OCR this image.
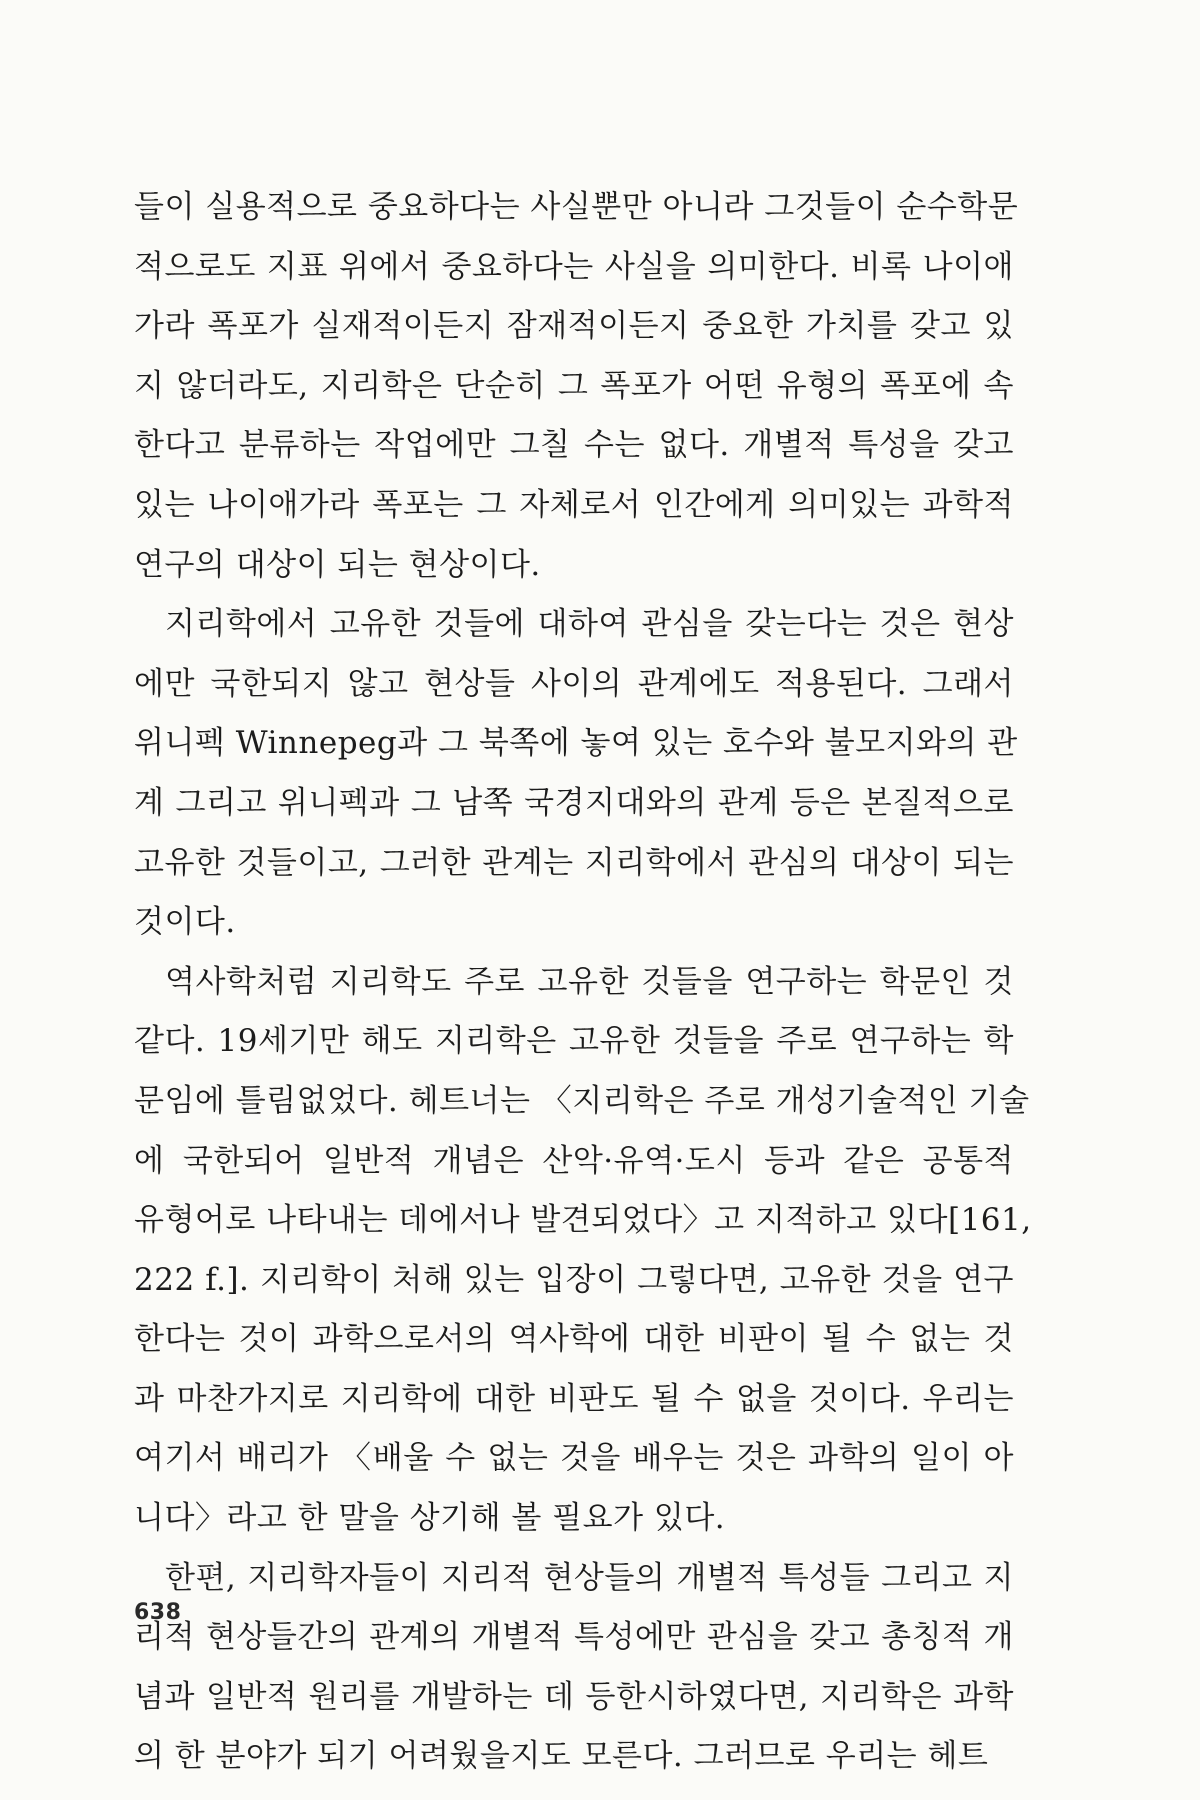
들이 실용적으로 중요하다는 사실뿐만 아니라 그것들이 순수학문
적으로도 지표 위에서 중요하다는 사실을 의미한다. 비록 나이애
가라 폭포가 실재적이든지 잠재적이든지 중요한 가치를 갖고 있
지 않더라도, 지리학은 단순히 그 폭포가 어떤 유형의 폭포에 속
한다고 분류하는 작업에만 그칠 수는 없다. 개별적 특성을 갖고
있는 나이애가라 폭포는 그 자체로서 인간에게 의미있는 과학적
연구의 대상이 되는 현상이다.
지리학에서 고유한 것들에 대하여 관심을 갖는다는 것은 현상
에만 국한되지 않고 현상들 사이의 관계에도 적용된다. 그래서
위니펙 Winnepeg과 그 북쪽에 놓여 있는 호수와 불모지와의 관
계 그리고 위니펙과 그 남쪽 국경지대와의 관계 등은 본질적으로
고유한 것들이고, 그러한 관계는 지리학에서 관심의 대상이 되는
것이다.
역사학처럼 지리학도 주로 고유한 것들을 연구하는 학문인 것
같다. 19세기만 해도 지리학은 고유한 것들을 주로 연구하는 학
문임에 틀림없었다. 헤트너는 〈지리학은 주로 개성기술적인 기술
에 국한되어 일반적 개념은 산악·유역·도시 등과 같은 공통적
유형어로 나타내는 데에서나 발견되었다〉고 지적하고 있다[161,
222 f.]. 지리학이 처해 있는 입장이 그렇다면, 고유한 것을 연구
한다는 것이 과학으로서의 역사학에 대한 비판이 될 수 없는 것
과 마찬가지로 지리학에 대한 비판도 될 수 없을 것이다. 우리는
여기서 배리가 〈배울 수 없는 것을 배우는 것은 과학의 일이 아
니다〉라고 한 말을 상기해 볼 필요가 있다.
한편, 지리학자들이 지리적 현상들의 개별적 특성들 그리고 지
리적 현상들간의 관계의 개별적 특성에만 관심을 갖고 총칭적 개
념과 일반적 원리를 개발하는 데 등한시하였다면, 지리학은 과학
의 한 분야가 되기 어려웠을지도 모른다. 그러므로 우리는 헤트
638
